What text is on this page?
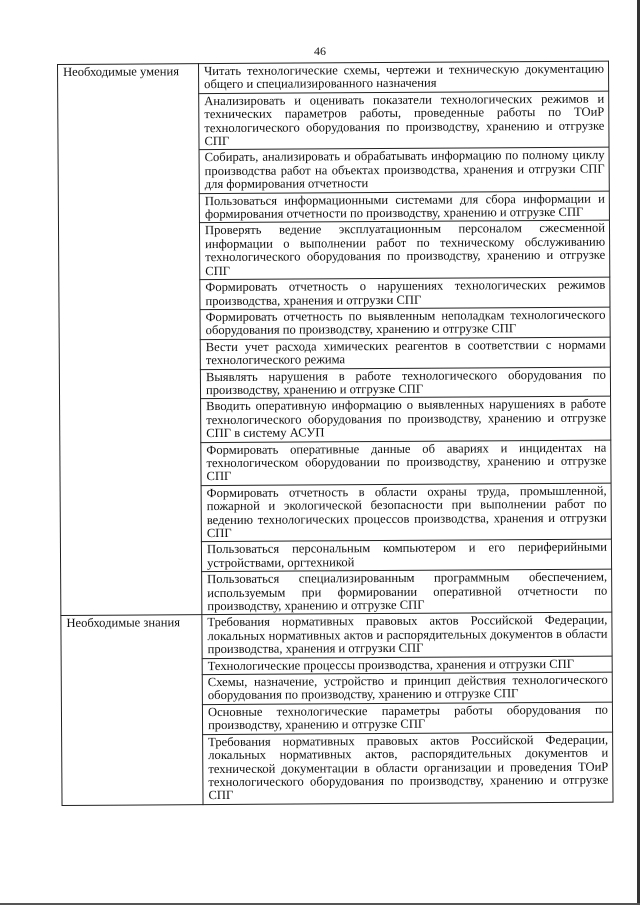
46
Необходимые умения	Читать технологические схемы, чертежи и техническую документацию общего и специализированного назначения
	Анализировать и оценивать показатели технологических режимов и технических параметров работы, проведенные работы по ТОиР технологического оборудования по производству, хранению и отгрузке СПГ
	Собирать, анализировать и обрабатывать информацию по полному циклу производства работ на объектах производства, хранения и отгрузки СПГ для формирования отчетности
	Пользоваться информационными системами для сбора информации и формирования отчетности по производству, хранению и отгрузке СПГ
	Проверять ведение эксплуатационным персоналом сжесменной информации о выполнении работ по техническому обслуживанию технологического оборудования по производству, хранению и отгрузке СПГ
	Формировать отчетность о нарушениях технологических режимов производства, хранения и отгрузки СПГ
	Формировать отчетность по выявленным неполадкам технологического оборудования по производству, хранению и отгрузке СПГ
	Вести учет расхода химических реагентов в соответствии с нормами технологического режима
	Выявлять нарушения в работе технологического оборудования по производству, хранению и отгрузке СПГ
	Вводить оперативную информацию о выявленных нарушениях в работе технологического оборудования по производству, хранению и отгрузке СПГ в систему АСУП
	Формировать оперативные данные об авариях и инцидентах на технологическом оборудовании по производству, хранению и отгрузке СПГ
	Формировать отчетность в области охраны труда, промышленной, пожарной и экологической безопасности при выполнении работ по ведению технологических процессов производства, хранения и отгрузки СПГ
	Пользоваться персональным компьютером и его периферийными устройствами, оргтехникой
	Пользоваться специализированным программным обеспечением, используемым при формировании оперативной отчетности по производству, хранению и отгрузке СПГ
Необходимые знания	Требования нормативных правовых актов Российской Федерации, локальных нормативных актов и распорядительных документов в области производства, хранения и отгрузки СПГ
	Технологические процессы производства, хранения и отгрузки СПГ
	Схемы, назначение, устройство и принцип действия технологического оборудования по производству, хранению и отгрузке СПГ
	Основные технологические параметры работы оборудования по производству, хранению и отгрузке СПГ
	Требования нормативных правовых актов Российской Федерации, локальных нормативных актов, распорядительных документов и технической документации в области организации и проведения ТОиР технологического оборудования по производству, хранению и отгрузке СПГ
